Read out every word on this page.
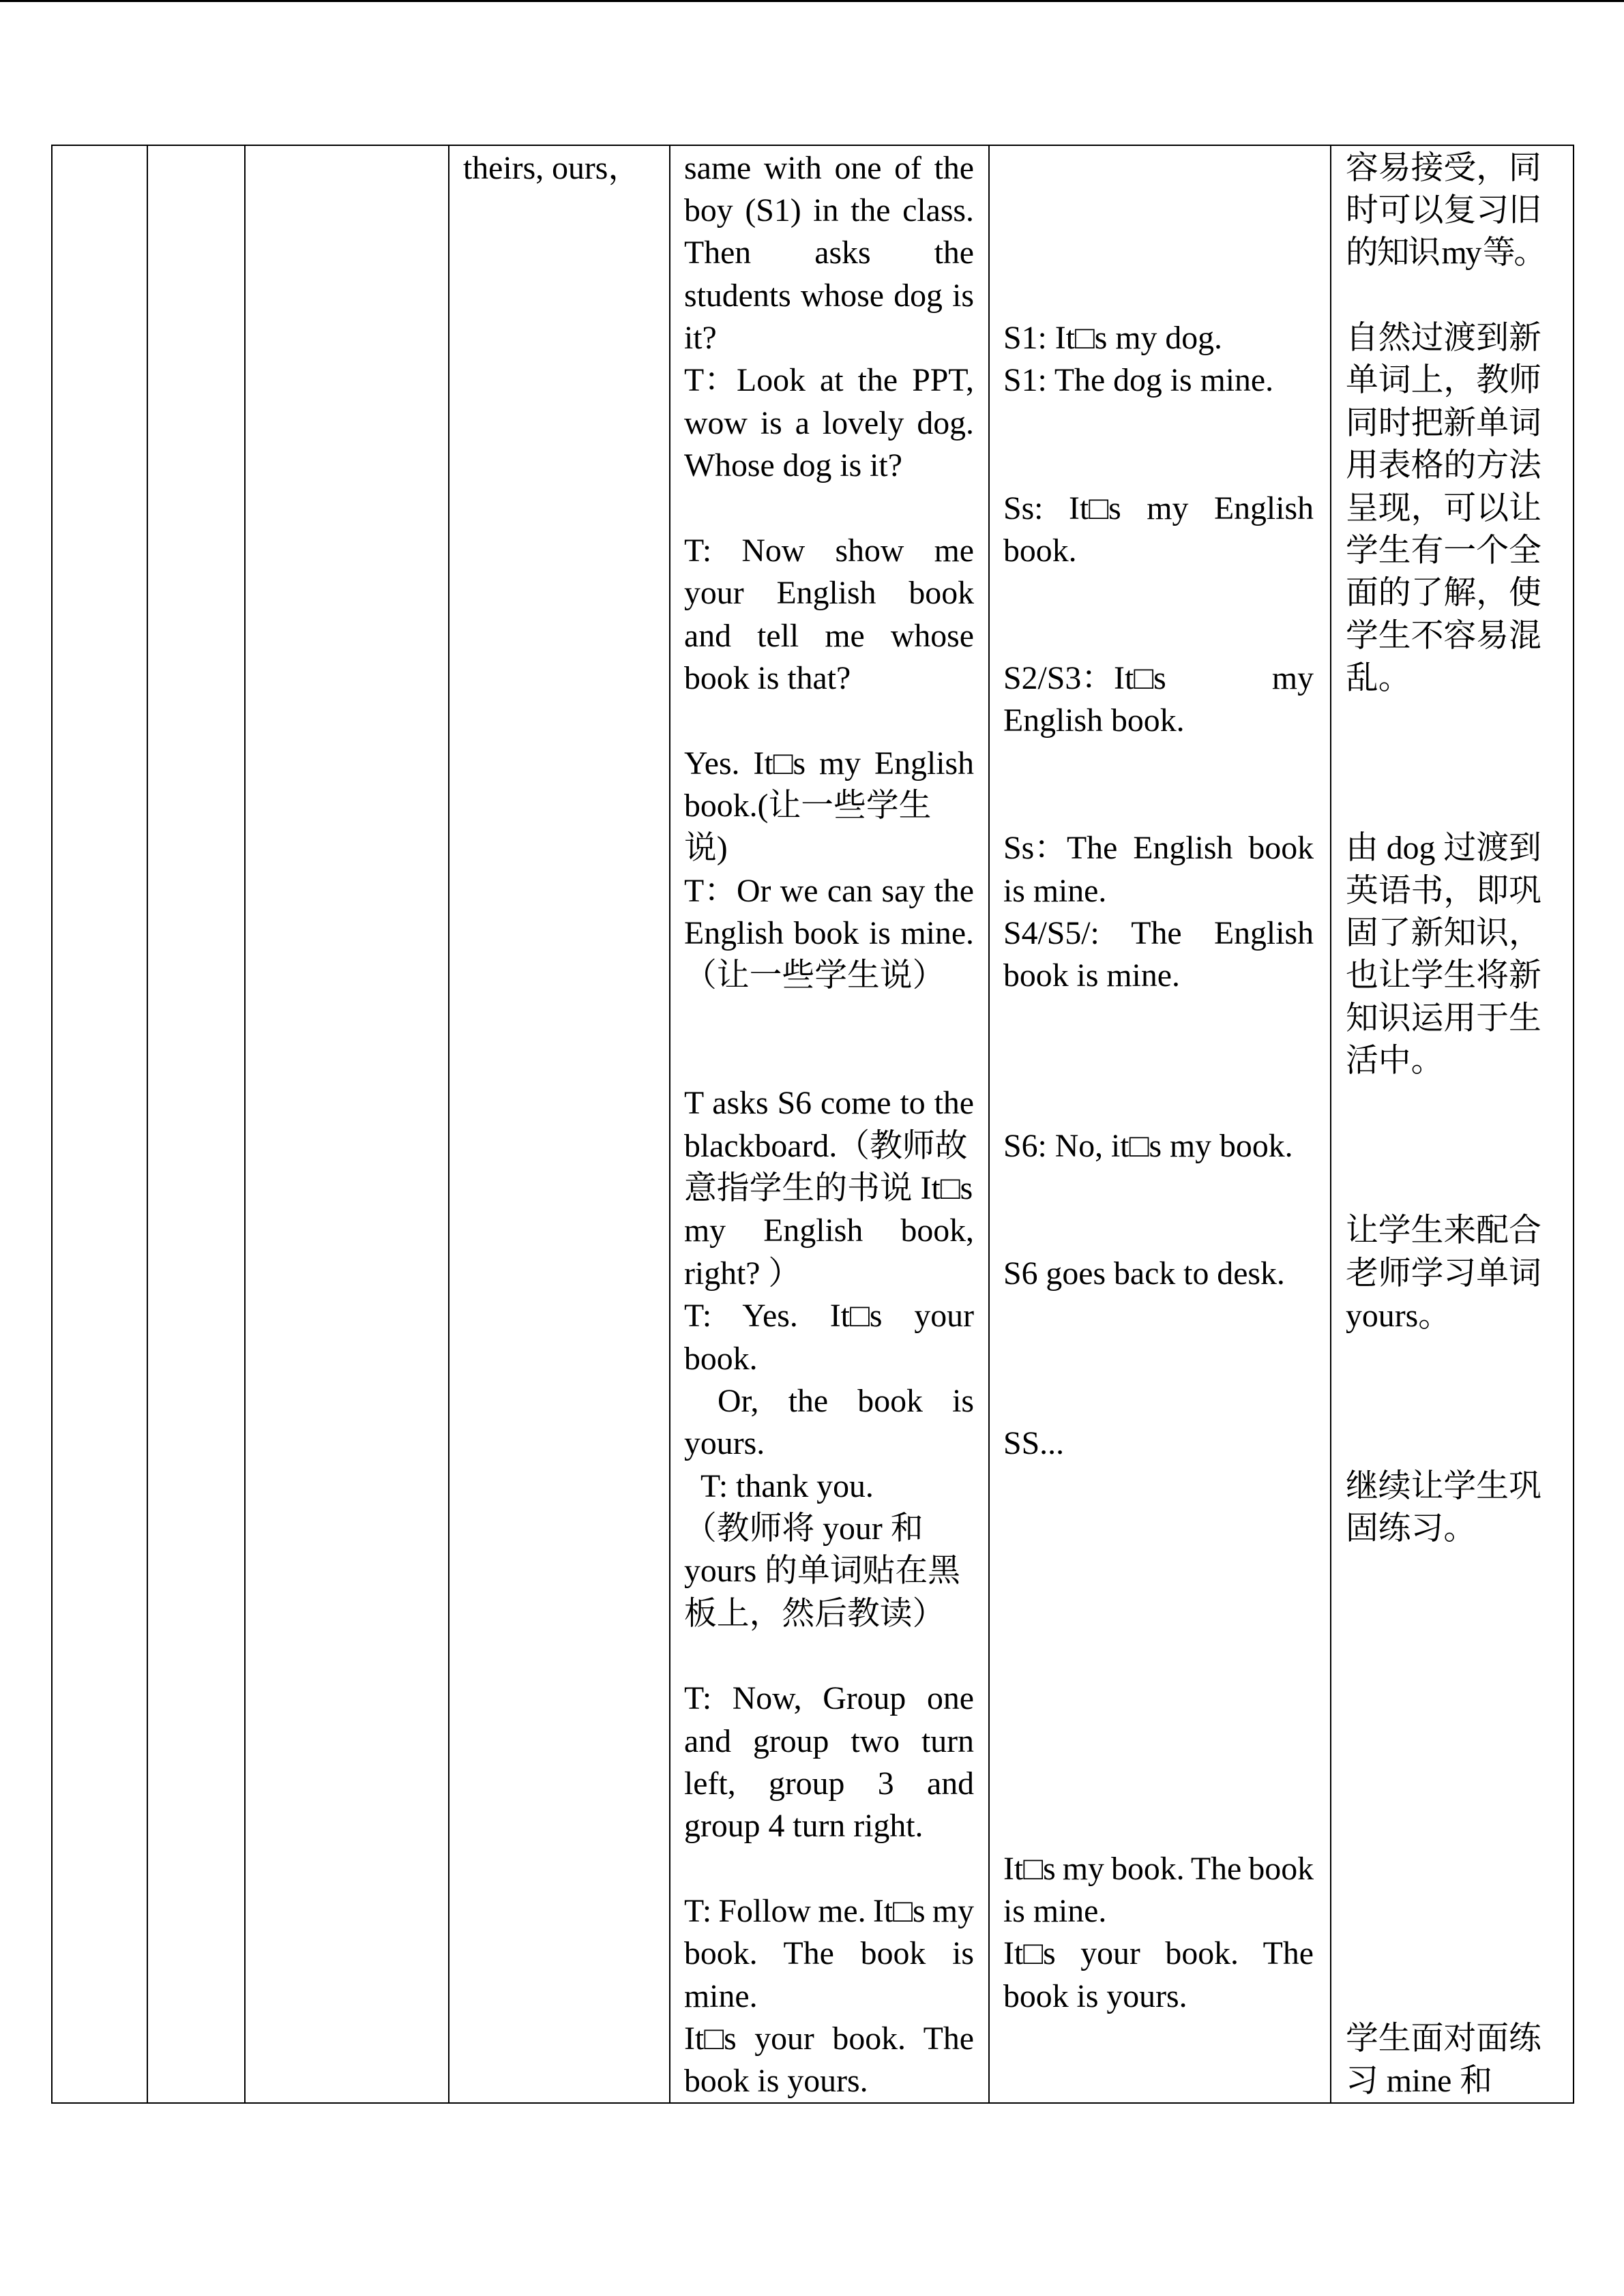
theirs, ours，	same with one of the
boy (S1) in the class.
Then asks the
students whose dog is
it?
T：Look at the PPT,
wow is a lovely dog.
Whose dog is it?
T: Now show me
your English book
and tell me whose
book is that?
Yes. It□s my English
book.(让一些学生
说)
T：Or we can say the
English book is mine.
（让一些学生说）
T asks S6 come to the
blackboard.（教师故
意指学生的书说 It□s
my English book,
right? ）
T: Yes. It□s your
book.
Or, the book is
yours.
T: thank you.
（教师将 your 和
yours 的单词贴在黑
板上，然后教读）
T: Now, Group one
and group two turn
left, group 3 and
group 4 turn right.
T: Follow me. It□s my
book. The book is
mine.
It□s your book. The
book is yours.
S1: It□s my dog.
S1: The dog is mine.
Ss: It□s my English
book.
S2/S3：It□s my
English book.
Ss：The English book
is mine.
S4/S5/: The English
book is mine.
S6: No, it□s my book.
S6 goes back to desk.
SS...
It□s my book. The book
is mine.
It□s your book. The
book is yours.
容易接受，同
时可以复习旧
的知识 my 等。
自然过渡到新
单词上，教师
同时把新单词
用表格的方法
呈现，可以让
学生有一个全
面的了解，使
学生不容易混
乱。
由 dog 过渡到
英语书，即巩
固了新知识，
也让学生将新
知识运用于生
活中。
让学生来配合
老师学习单词
yours。
继续让学生巩
固练习。
学生面对面练
习 mine 和
